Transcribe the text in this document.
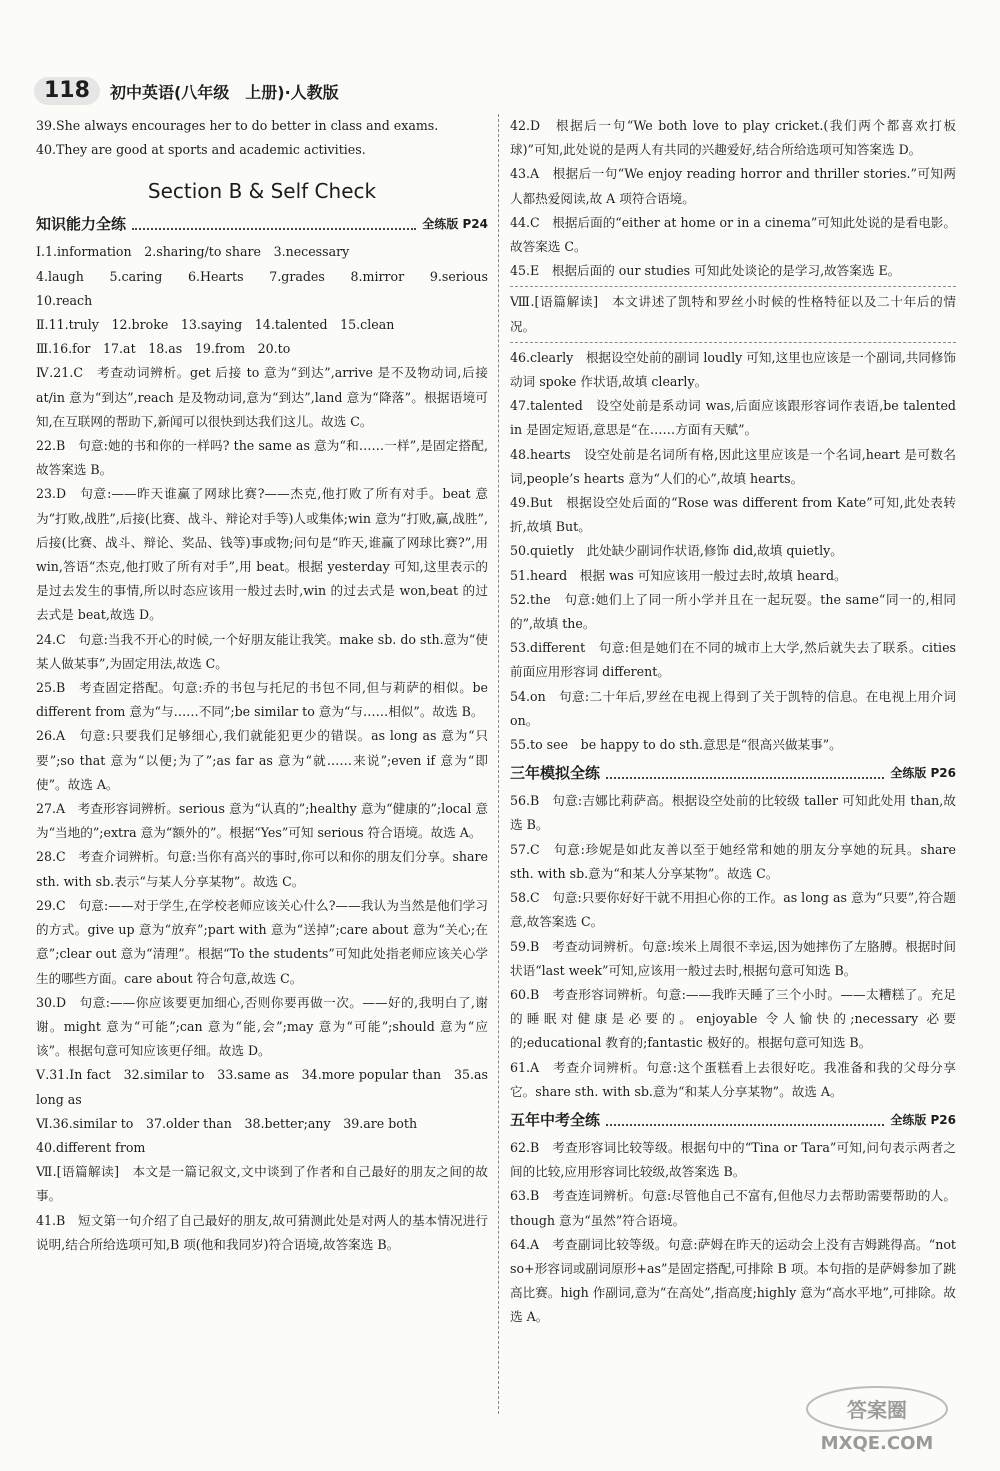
118	初中英语(八年级　上册)·人教版

39.She always encourages her to do better in class and exams.

40.They are good at sports and academic activities.

Section B & Self Check
知识能力全练	全练版 P24

Ⅰ.1.information　2.sharing/to share　3.necessary

4.laugh　5.caring　6.Hearts　7.grades　8.mirror　9.serious　10.reach

Ⅱ.11.truly　12.broke　13.saying　14.talented　15.clean

Ⅲ.16.for　17.at　18.as　19.from　20.to

Ⅳ.21.C　考查动词辨析。get 后接 to 意为“到达”,arrive 是不及物动词,后接 at/in 意为“到达”,reach 是及物动词,意为“到达”,land 意为“降落”。根据语境可知,在互联网的帮助下,新闻可以很快到达我们这儿。故选 C。

22.B　句意:她的书和你的一样吗? the same as 意为“和……一样”,是固定搭配,故答案选 B。

23.D　句意:——昨天谁赢了网球比赛?——杰克,他打败了所有对手。beat 意为“打败,战胜”,后接(比赛、战斗、辩论对手等)人或集体;win 意为“打败,赢,战胜”,后接(比赛、战斗、辩论、奖品、钱等)事或物;问句是“昨天,谁赢了网球比赛?”,用 win,答语“杰克,他打败了所有对手”,用 beat。根据 yesterday 可知,这里表示的是过去发生的事情,所以时态应该用一般过去时,win 的过去式是 won,beat 的过去式是 beat,故选 D。

24.C　句意:当我不开心的时候,一个好朋友能让我笑。make sb. do sth.意为“使某人做某事”,为固定用法,故选 C。

25.B　考查固定搭配。句意:乔的书包与托尼的书包不同,但与莉萨的相似。be different from 意为“与……不同”;be similar to 意为“与……相似”。故选 B。

26.A　句意:只要我们足够细心,我们就能犯更少的错误。as long as 意为“只要”;so that 意为“以便;为了”;as far as 意为“就……来说”;even if 意为“即使”。故选 A。

27.A　考查形容词辨析。serious 意为“认真的”;healthy 意为“健康的”;local 意为“当地的”;extra 意为“额外的”。根据“Yes”可知 serious 符合语境。故选 A。

28.C　考查介词辨析。句意:当你有高兴的事时,你可以和你的朋友们分享。share sth. with sb.表示“与某人分享某物”。故选 C。

29.C　句意:——对于学生,在学校老师应该关心什么?——我认为当然是他们学习的方式。give up 意为“放弃”;part with 意为“送掉”;care about 意为“关心;在意”;clear out 意为“清理”。根据“To the students”可知此处指老师应该关心学生的哪些方面。care about 符合句意,故选 C。

30.D　句意:——你应该要更加细心,否则你要再做一次。——好的,我明白了,谢谢。might 意为“可能”;can 意为“能,会”;may 意为“可能”;should 意为“应该”。根据句意可知应该更仔细。故选 D。

Ⅴ.31.In fact　32.similar to　33.same as　34.more popular than　35.as long as

Ⅵ.36.similar to　37.older than　38.better;any　39.are both

40.different from

Ⅶ.[语篇解读]　本文是一篇记叙文,文中谈到了作者和自己最好的朋友之间的故事。

41.B　短文第一句介绍了自己最好的朋友,故可猜测此处是对两人的基本情况进行说明,结合所给选项可知,B 项(他和我同岁)符合语境,故答案选 B。

42.D　根据后一句“We both love to play cricket.(我们两个都喜欢打板球)”可知,此处说的是两人有共同的兴趣爱好,结合所给选项可知答案选 D。

43.A　根据后一句“We enjoy reading horror and thriller stories.”可知两人都热爱阅读,故 A 项符合语境。

44.C　根据后面的“either at home or in a cinema”可知此处说的是看电影。故答案选 C。

45.E　根据后面的 our studies 可知此处谈论的是学习,故答案选 E。

Ⅷ.[语篇解读]　本文讲述了凯特和罗丝小时候的性格特征以及二十年后的情况。

46.clearly　根据设空处前的副词 loudly 可知,这里也应该是一个副词,共同修饰动词 spoke 作状语,故填 clearly。

47.talented　设空处前是系动词 was,后面应该跟形容词作表语,be talented in 是固定短语,意思是“在……方面有天赋”。

48.hearts　设空处前是名词所有格,因此这里应该是一个名词,heart 是可数名词,people’s hearts 意为“人们的心”,故填 hearts。

49.But　根据设空处后面的“Rose was different from Kate”可知,此处表转折,故填 But。

50.quietly　此处缺少副词作状语,修饰 did,故填 quietly。

51.heard　根据 was 可知应该用一般过去时,故填 heard。

52.the　句意:她们上了同一所小学并且在一起玩耍。the same“同一的,相同的”,故填 the。

53.different　句意:但是她们在不同的城市上大学,然后就失去了联系。cities 前面应用形容词 different。

54.on　句意:二十年后,罗丝在电视上得到了关于凯特的信息。在电视上用介词 on。

55.to see　be happy to do sth.意思是“很高兴做某事”。

三年模拟全练	全练版 P26

56.B　句意:吉娜比莉萨高。根据设空处前的比较级 taller 可知此处用 than,故选 B。

57.C　句意:珍妮是如此友善以至于她经常和她的朋友分享她的玩具。share sth. with sb.意为“和某人分享某物”。故选 C。

58.C　句意:只要你好好干就不用担心你的工作。as long as 意为“只要”,符合题意,故答案选 C。

59.B　考查动词辨析。句意:埃米上周很不幸运,因为她摔伤了左胳膊。根据时间状语“last week”可知,应该用一般过去时,根据句意可知选 B。

60.B　考查形容词辨析。句意:——我昨天睡了三个小时。——太糟糕了。充足的睡眠对健康是必要的。enjoyable 令人愉快的;necessary 必要的;educational 教育的;fantastic 极好的。根据句意可知选 B。

61.A　考查介词辨析。句意:这个蛋糕看上去很好吃。我准备和我的父母分享它。share sth. with sb.意为“和某人分享某物”。故选 A。

五年中考全练	全练版 P26

62.B　考查形容词比较等级。根据句中的“Tina or Tara”可知,问句表示两者之间的比较,应用形容词比较级,故答案选 B。

63.B　考查连词辨析。句意:尽管他自己不富有,但他尽力去帮助需要帮助的人。though 意为“虽然”符合语境。

64.A　考查副词比较等级。句意:萨姆在昨天的运动会上没有吉姆跳得高。“not so+形容词或副词原形+as”是固定搭配,可排除 B 项。本句指的是萨姆参加了跳高比赛。high 作副词,意为“在高处”,指高度;highly 意为“高水平地”,可排除。故选 A。

答案圈
MXQE.COM
